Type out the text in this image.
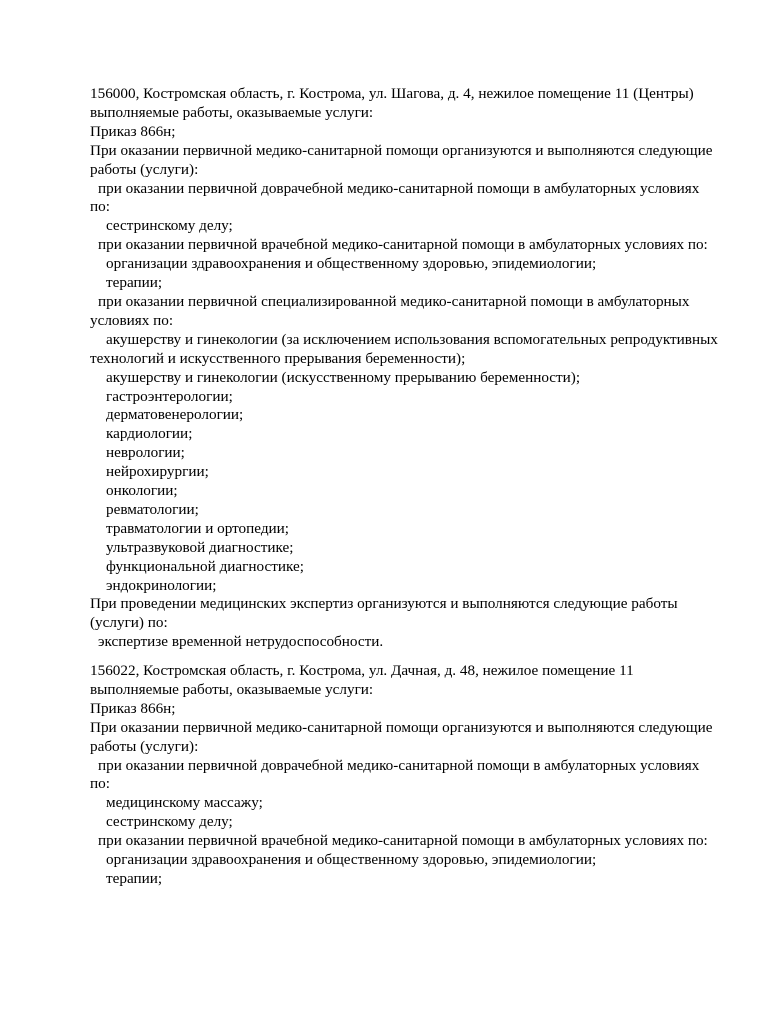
156000, Костромская область, г. Кострома, ул. Шагова, д. 4, нежилое помещение 11 (Центры)
выполняемые работы, оказываемые услуги:
Приказ 866н;
При оказании первичной медико-санитарной помощи организуются и выполняются следующие
работы (услуги):
при оказании первичной доврачебной медико-санитарной помощи в амбулаторных условиях
по:
сестринскому делу;
при оказании первичной врачебной медико-санитарной помощи в амбулаторных условиях по:
организации здравоохранения и общественному здоровью, эпидемиологии;
терапии;
при оказании первичной специализированной медико-санитарной помощи в амбулаторных
условиях по:
акушерству и гинекологии (за исключением использования вспомогательных репродуктивных
технологий и искусственного прерывания беременности);
акушерству и гинекологии (искусственному прерыванию беременности);
гастроэнтерологии;
дерматовенерологии;
кардиологии;
неврологии;
нейрохирургии;
онкологии;
ревматологии;
травматологии и ортопедии;
ультразвуковой диагностике;
функциональной диагностике;
эндокринологии;
При проведении медицинских экспертиз организуются и выполняются следующие работы
(услуги) по:
экспертизе временной нетрудоспособности.
156022, Костромская область, г. Кострома, ул. Дачная, д. 48, нежилое помещение 11
выполняемые работы, оказываемые услуги:
Приказ 866н;
При оказании первичной медико-санитарной помощи организуются и выполняются следующие
работы (услуги):
при оказании первичной доврачебной медико-санитарной помощи в амбулаторных условиях
по:
медицинскому массажу;
сестринскому делу;
при оказании первичной врачебной медико-санитарной помощи в амбулаторных условиях по:
организации здравоохранения и общественному здоровью, эпидемиологии;
терапии;
